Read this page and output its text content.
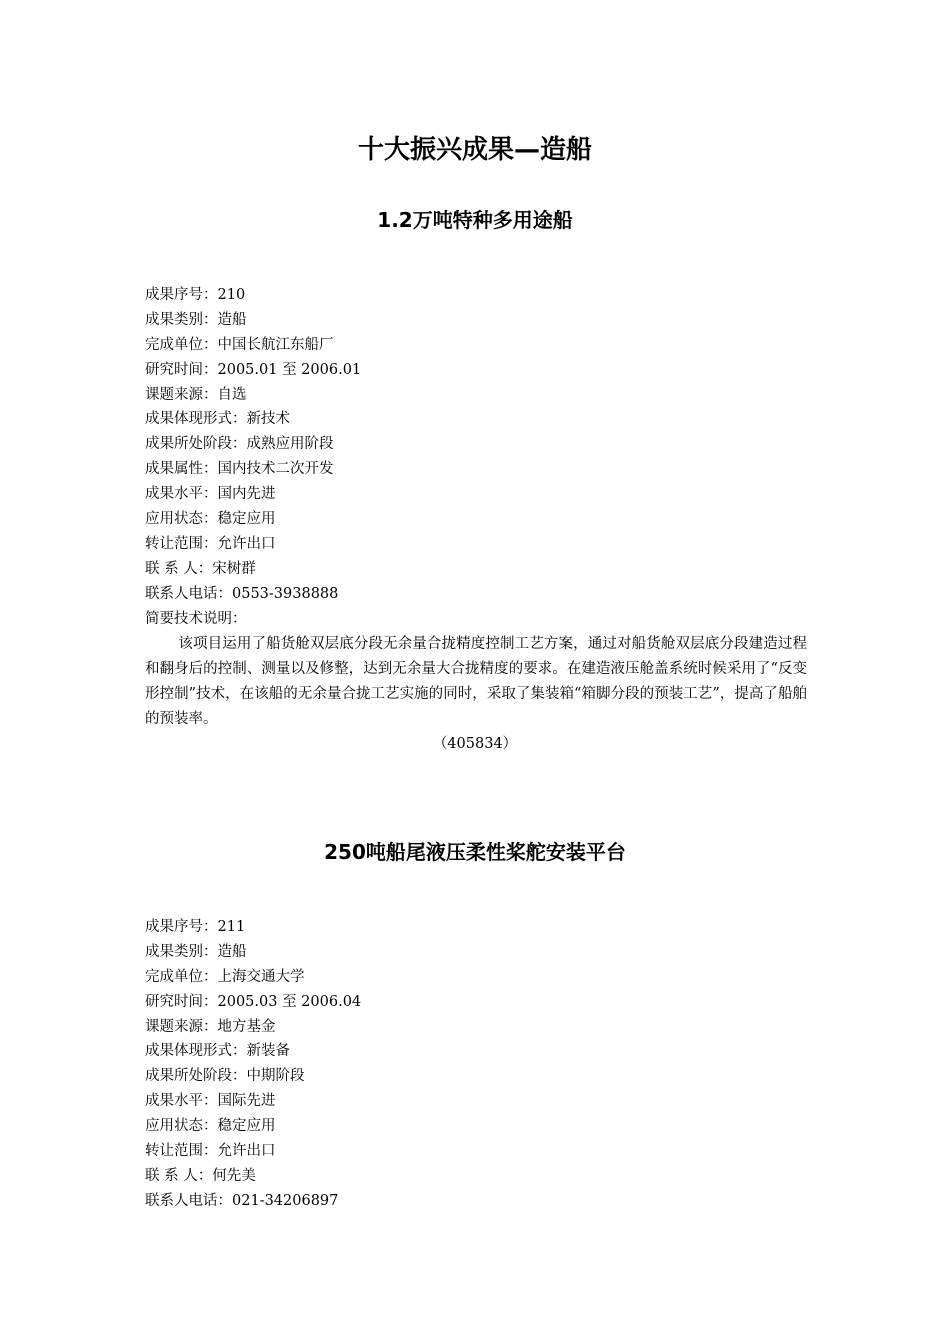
十大振兴成果—造船
1.2万吨特种多用途船
成果序号：210
成果类别：造船
完成单位：中国长航江东船厂
研究时间：2005.01 至 2006.01
课题来源：自选
成果体现形式：新技术
成果所处阶段：成熟应用阶段
成果属性：国内技术二次开发
成果水平：国内先进
应用状态：稳定应用
转让范围：允许出口
联 系 人：宋树群
联系人电话：0553-3938888
简要技术说明：

该项目运用了船货舱双层底分段无余量合拢精度控制工艺方案，通过对船货舱双层底分段建造过程和翻身后的控制、测量以及修整，达到无余量大合拢精度的要求。在建造液压舱盖系统时候采用了“反变形控制”技术，在该船的无余量合拢工艺实施的同时，采取了集装箱“箱脚分段的预装工艺”，提高了船舶的预装率。

（405834）
250吨船尾液压柔性桨舵安装平台
成果序号：211
成果类别：造船
完成单位：上海交通大学
研究时间：2005.03 至 2006.04
课题来源：地方基金
成果体现形式：新装备
成果所处阶段：中期阶段
成果水平：国际先进
应用状态：稳定应用
转让范围：允许出口
联 系 人：何先美
联系人电话：021-34206897
